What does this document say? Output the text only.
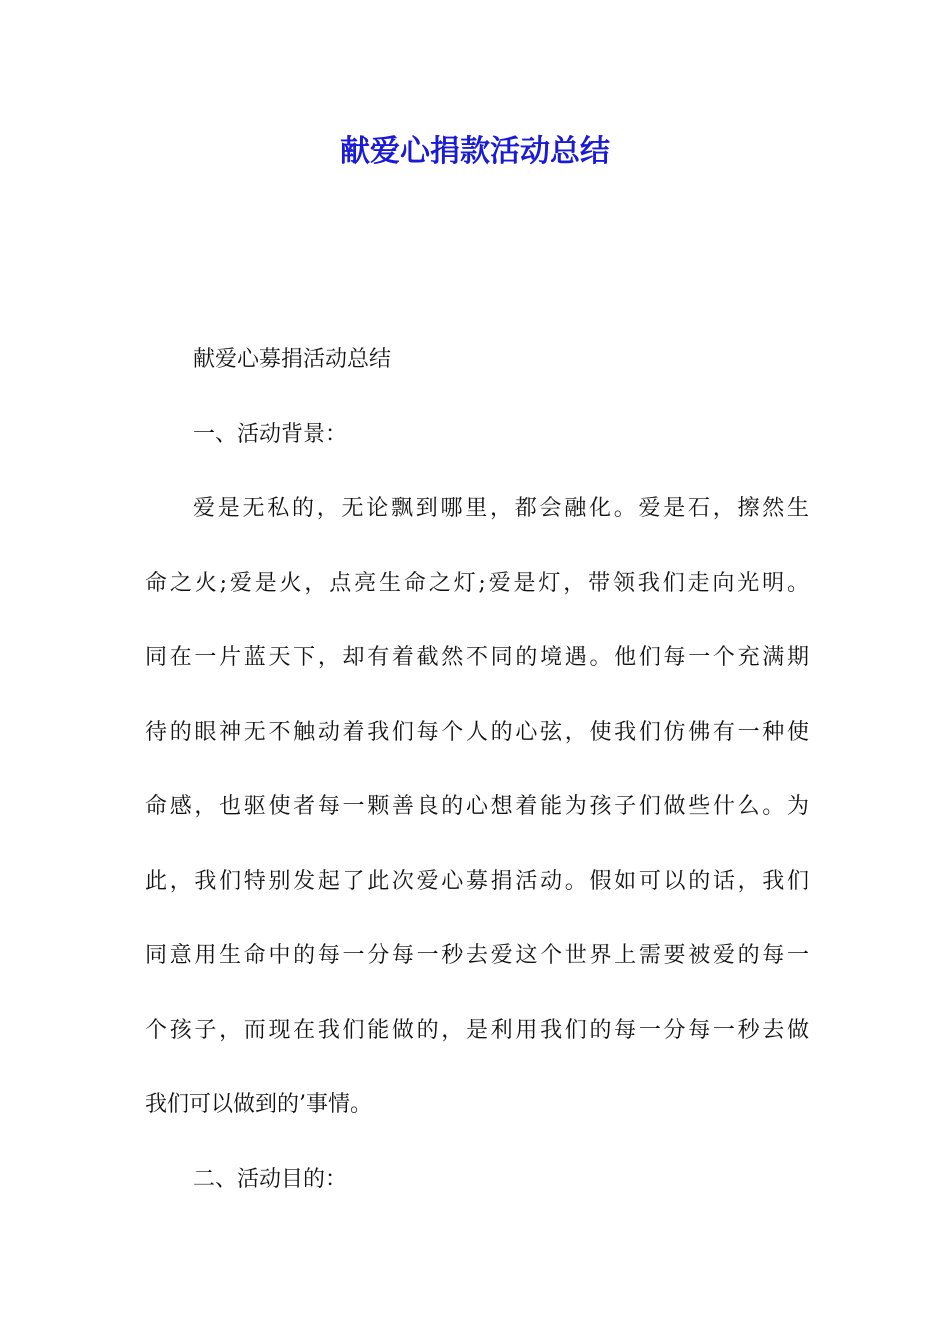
献爱心捐款活动总结

献爱心募捐活动总结

一、活动背景：

爱是无私的，无论飘到哪里，都会融化。爱是石，擦然生
命之火;爱是火，点亮生命之灯;爱是灯，带领我们走向光明。
同在一片蓝天下，却有着截然不同的境遇。他们每一个充满期
待的眼神无不触动着我们每个人的心弦，使我们仿佛有一种使
命感，也驱使者每一颗善良的心想着能为孩子们做些什么。为
此，我们特别发起了此次爱心募捐活动。假如可以的话，我们
同意用生命中的每一分每一秒去爱这个世界上需要被爱的每一
个孩子，而现在我们能做的，是利用我们的每一分每一秒去做
我们可以做到的’事情。

二、活动目的：
